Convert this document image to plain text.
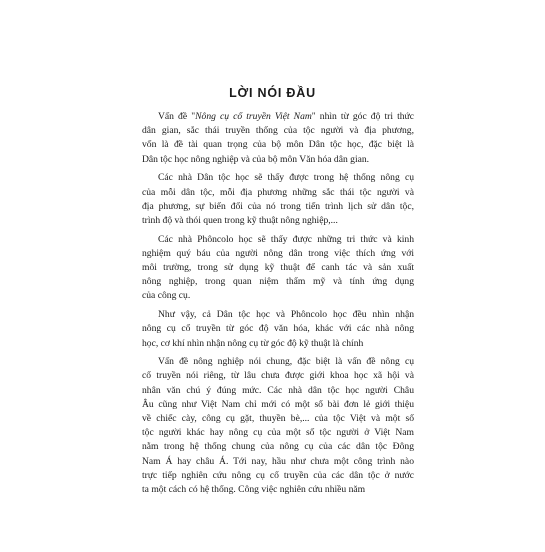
LỜI NÓI ĐẦU

Vấn đề "Nông cụ cổ truyền Việt Nam" nhìn từ góc độ tri thức
dân gian, sắc thái truyền thống của tộc người và địa phương,
vốn là đề tài quan trọng của bộ môn Dân tộc học, đặc biệt là
Dân tộc học nông nghiệp và của bộ môn Văn hóa dân gian.

Các nhà Dân tộc học sẽ thấy được trong hệ thống nông cụ
của mỗi dân tộc, mỗi địa phương những sắc thái tộc người và
địa phương, sự biến đổi của nó trong tiến trình lịch sử dân tộc,
trình độ và thói quen trong kỹ thuật nông nghiệp,...

Các nhà Phôncolo học sẽ thấy được những tri thức và kinh
nghiệm quý báu của người nông dân trong việc thích ứng với
môi trường, trong sử dụng kỹ thuật để canh tác và sản xuất
nông nghiệp, trong quan niệm thẩm mỹ và tính ứng dụng
của công cụ.

Như vậy, cả Dân tộc học và Phôncolo học đều nhìn nhận
nông cụ cổ truyền từ góc độ văn hóa, khác với các nhà nông
học, cơ khí nhìn nhận nông cụ từ góc độ kỹ thuật là chính

Vấn đề nông nghiệp nói chung, đặc biệt là vấn đề nông cụ
cổ truyền nói riêng, từ lâu chưa được giới khoa học xã hội và
nhân văn chú ý đúng mức. Các nhà dân tộc học người Châu
Âu cũng như Việt Nam chỉ mới có một số bài đơn lẻ giới thiệu
về chiếc cày, công cụ gặt, thuyền bè,... của tộc Việt và một số
tộc người khác hay nông cụ của một số tộc người ở Việt Nam
nằm trong hệ thống chung của nông cụ của các dân tộc Đông
Nam Á hay châu Á. Tới nay, hầu như chưa một công trình nào
trực tiếp nghiên cứu nông cụ cổ truyền của các dân tộc ở nước
ta một cách có hệ thống. Công việc nghiên cứu nhiều năm
